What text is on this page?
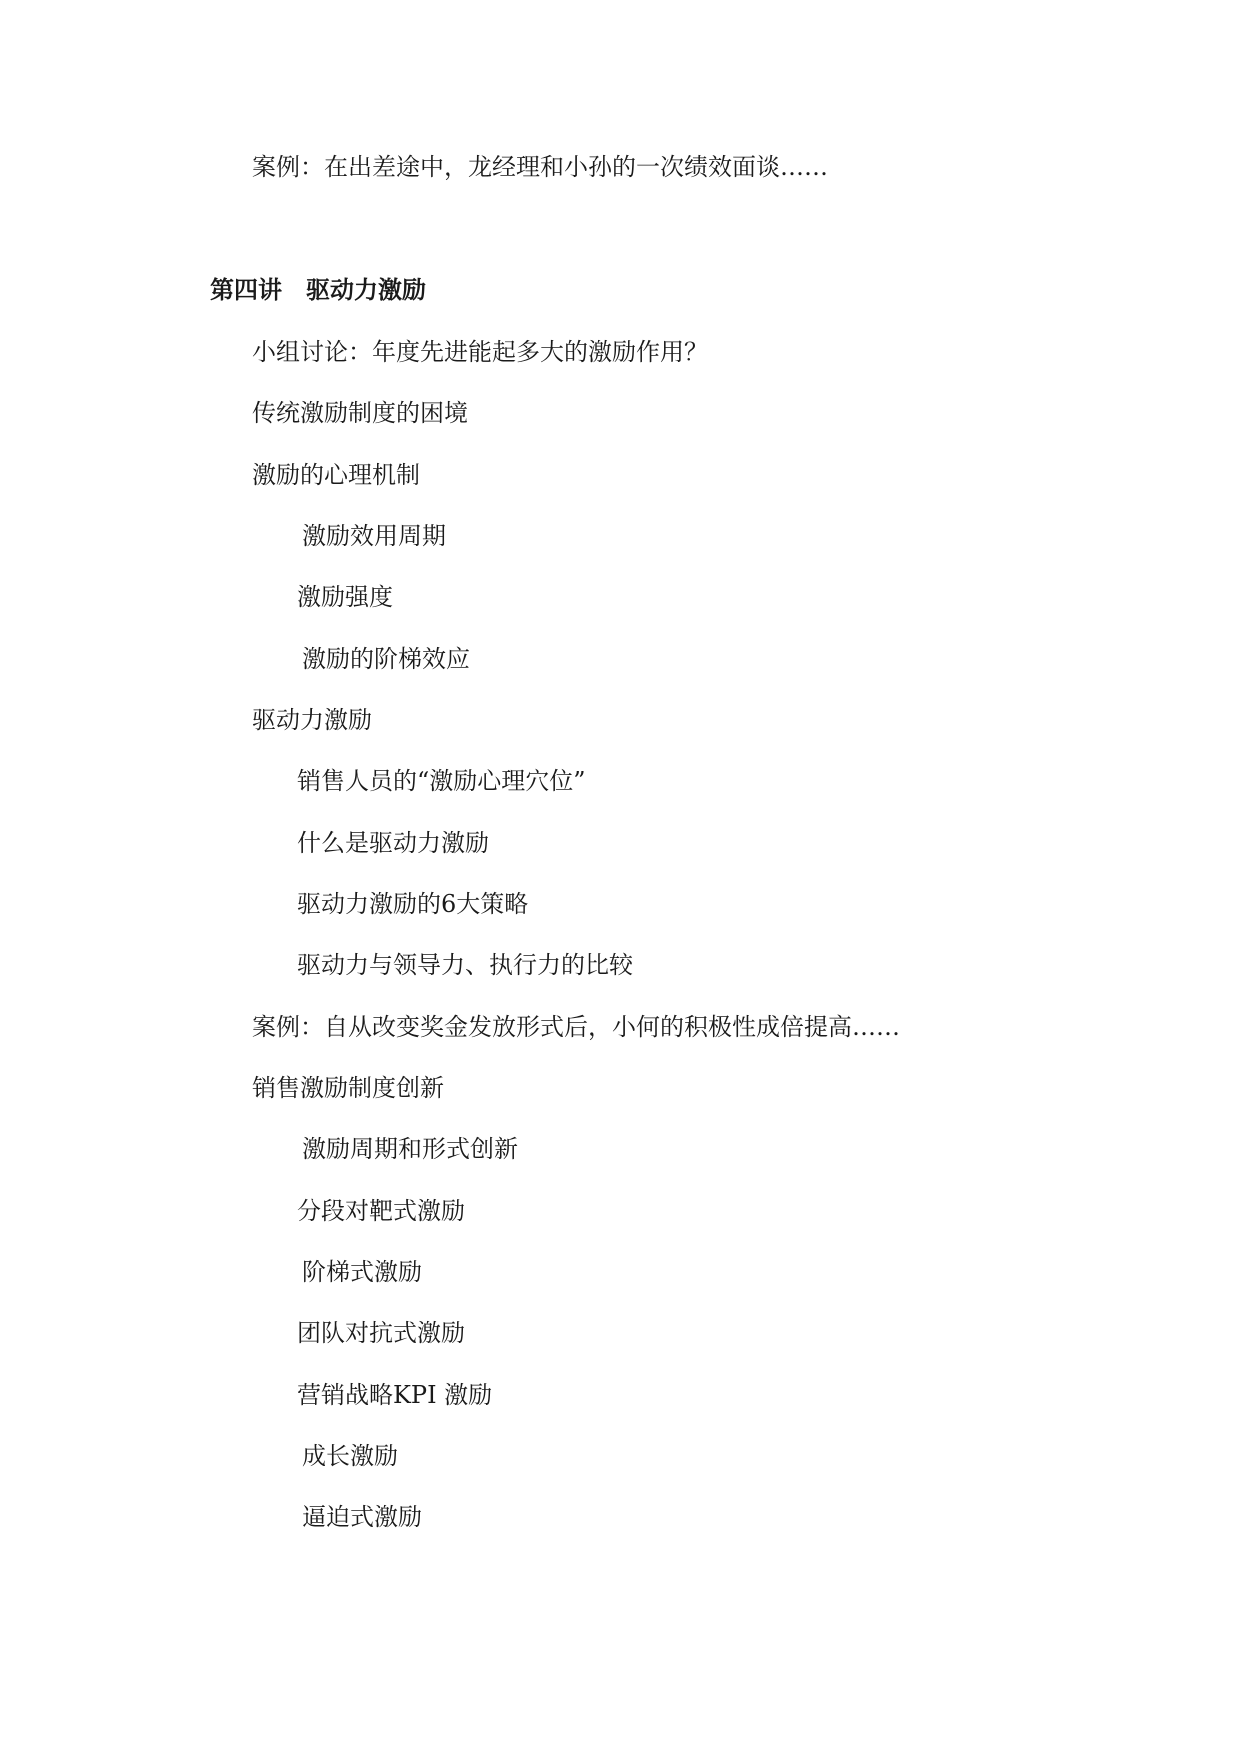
案例：在出差途中，龙经理和小孙的一次绩效面谈……
第四讲 驱动力激励
小组讨论：年度先进能起多大的激励作用？
传统激励制度的困境
激励的心理机制
激励效用周期
激励强度
激励的阶梯效应
驱动力激励
销售人员的“激励心理穴位”
什么是驱动力激励
驱动力激励的6大策略
驱动力与领导力、执行力的比较
案例：自从改变奖金发放形式后，小何的积极性成倍提高……
销售激励制度创新
激励周期和形式创新
分段对靶式激励
阶梯式激励
团队对抗式激励
营销战略KPI 激励
成长激励
逼迫式激励
